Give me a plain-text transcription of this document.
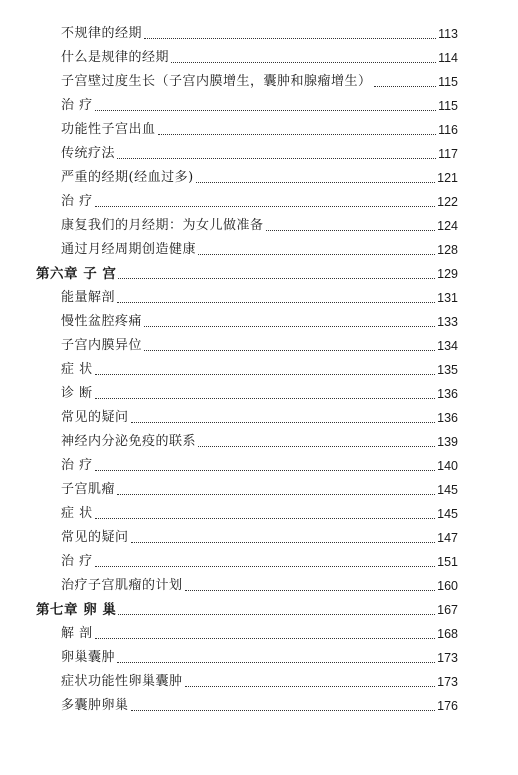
不规律的经期	113
什么是规律的经期	114
子宫壁过度生长（子宫内膜增生，囊肿和腺瘤增生）	115
治 疗	115
功能性子宫出血	116
传统疗法	117
严重的经期(经血过多)	121
治 疗	122
康复我们的月经期：为女儿做准备	124
通过月经周期创造健康	128
第六章 子 宫	129
能量解剖	131
慢性盆腔疼痛	133
子宫内膜异位	134
症 状	135
诊 断	136
常见的疑问	136
神经内分泌免疫的联系	139
治 疗	140
子宫肌瘤	145
症 状	145
常见的疑问	147
治 疗	151
治疗子宫肌瘤的计划	160
第七章 卵 巢	167
解 剖	168
卵巢囊肿	173
症状功能性卵巢囊肿	173
多囊肿卵巢	176
